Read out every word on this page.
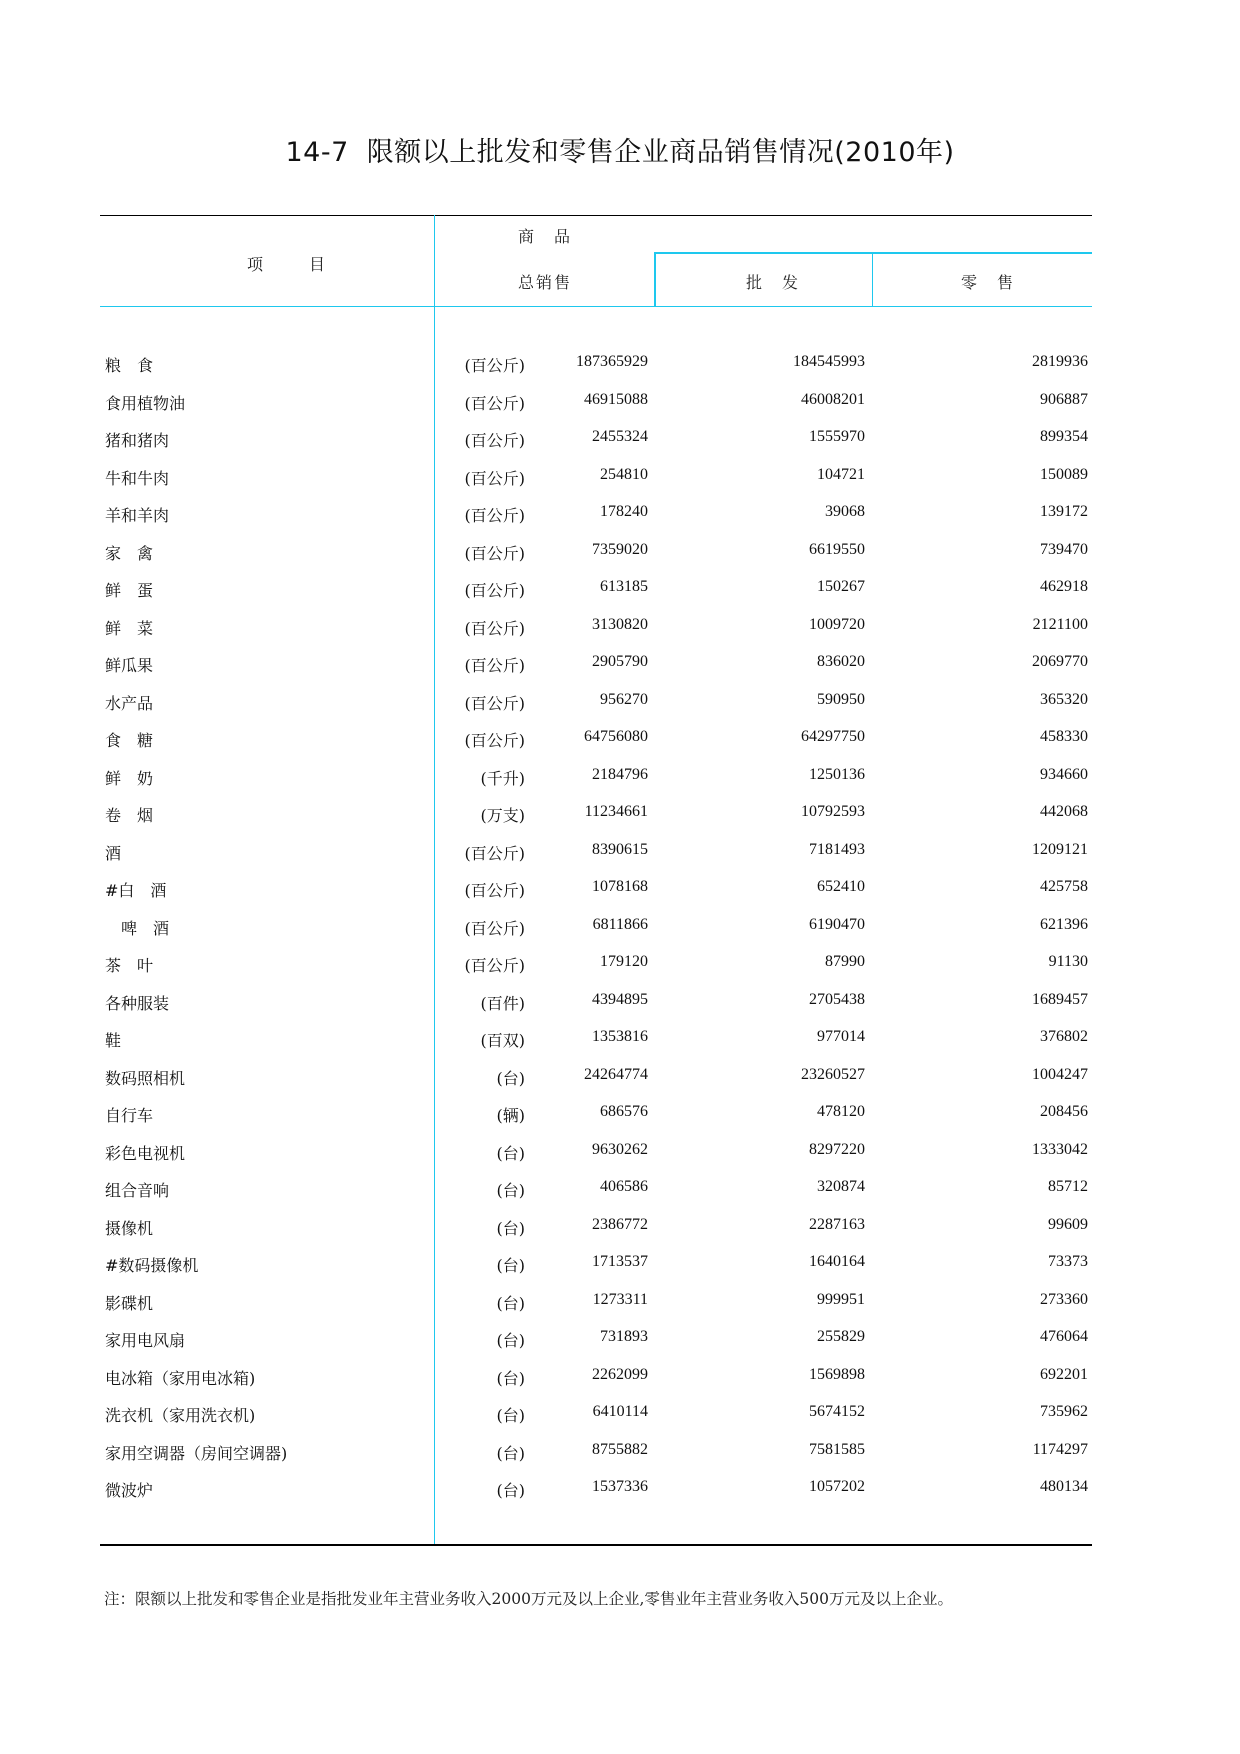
14-7 限额以上批发和零售企业商品销售情况(2010年)
项	目
商 品
总销售	批 发	零 售
粮　食	(百公斤)	187365929	184545993	2819936
食用植物油	(百公斤)	46915088	46008201	906887
猪和猪肉	(百公斤)	2455324	1555970	899354
牛和牛肉	(百公斤)	254810	104721	150089
羊和羊肉	(百公斤)	178240	39068	139172
家　禽	(百公斤)	7359020	6619550	739470
鲜　蛋	(百公斤)	613185	150267	462918
鲜　菜	(百公斤)	3130820	1009720	2121100
鲜瓜果	(百公斤)	2905790	836020	2069770
水产品	(百公斤)	956270	590950	365320
食　糖	(百公斤)	64756080	64297750	458330
鲜　奶	(千升)	2184796	1250136	934660
卷　烟	(万支)	11234661	10792593	442068
酒	(百公斤)	8390615	7181493	1209121
#白　酒	(百公斤)	1078168	652410	425758
　啤　酒	(百公斤)	6811866	6190470	621396
茶　叶	(百公斤)	179120	87990	91130
各种服装	(百件)	4394895	2705438	1689457
鞋	(百双)	1353816	977014	376802
数码照相机	(台)	24264774	23260527	1004247
自行车	(辆)	686576	478120	208456
彩色电视机	(台)	9630262	8297220	1333042
组合音响	(台)	406586	320874	85712
摄像机	(台)	2386772	2287163	99609
#数码摄像机	(台)	1713537	1640164	73373
影碟机	(台)	1273311	999951	273360
家用电风扇	(台)	731893	255829	476064
电冰箱（家用电冰箱)	(台)	2262099	1569898	692201
洗衣机（家用洗衣机)	(台)	6410114	5674152	735962
家用空调器（房间空调器)	(台)	8755882	7581585	1174297
微波炉	(台)	1537336	1057202	480134
注：限额以上批发和零售企业是指批发业年主营业务收入2000万元及以上企业,零售业年主营业务收入500万元及以上企业。
